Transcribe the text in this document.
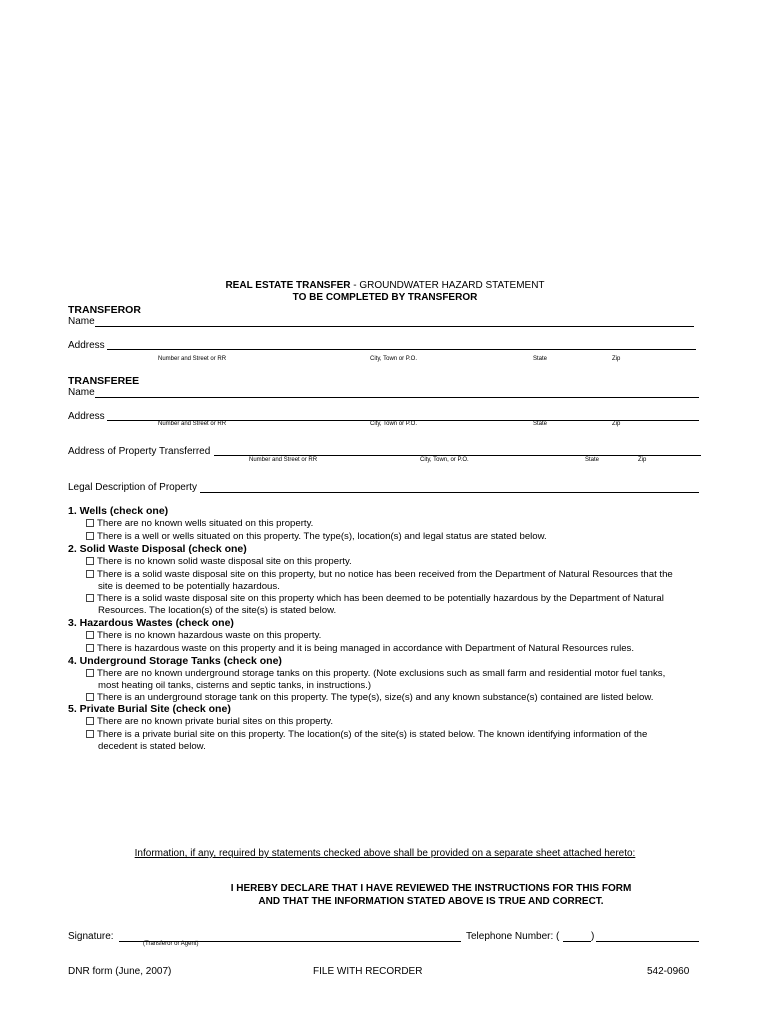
REAL ESTATE TRANSFER - GROUNDWATER HAZARD STATEMENT
TO BE COMPLETED BY TRANSFEROR
TRANSFEROR
Name
Address
Number and Street or RR	City, Town or P.O.	State	Zip
TRANSFEREE
Name
Address
Number and Street or RR	City, Town or P.O.	State	Zip
Address of Property Transferred
Number and Street or RR	City, Town, or P.O.	State	Zip
Legal Description of Property
1. Wells (check one)
There are no known wells situated on this property.
There is a well or wells situated on this property. The type(s), location(s) and legal status are stated below.
2. Solid Waste Disposal (check one)
There is no known solid waste disposal site on this property.
There is a solid waste disposal site on this property, but no notice has been received from the Department of Natural Resources that the
site is deemed to be potentially hazardous.
There is a solid waste disposal site on this property which has been deemed to be potentially hazardous by the Department of Natural
Resources. The location(s) of the site(s) is stated below.
3. Hazardous Wastes (check one)
There is no known hazardous waste on this property.
There is hazardous waste on this property and it is being managed in accordance with Department of Natural Resources rules.
4. Underground Storage Tanks (check one)
There are no known underground storage tanks on this property. (Note exclusions such as small farm and residential motor fuel tanks,
most heating oil tanks, cisterns and septic tanks, in instructions.)
There is an underground storage tank on this property. The type(s), size(s) and any known substance(s) contained are listed below.
5. Private Burial Site (check one)
There are no known private burial sites on this property.
There is a private burial site on this property. The location(s) of the site(s) is stated below. The known identifying information of the
decedent is stated below.
Information, if any, required by statements checked above shall be provided on a separate sheet attached hereto:
I HEREBY DECLARE THAT I HAVE REVIEWED THE INSTRUCTIONS FOR THIS FORM
AND THAT THE INFORMATION STATED ABOVE IS TRUE AND CORRECT.
Signature:
(Transferor or Agent)
Telephone Number: (	)
DNR form (June, 2007)	FILE WITH RECORDER	542-0960
